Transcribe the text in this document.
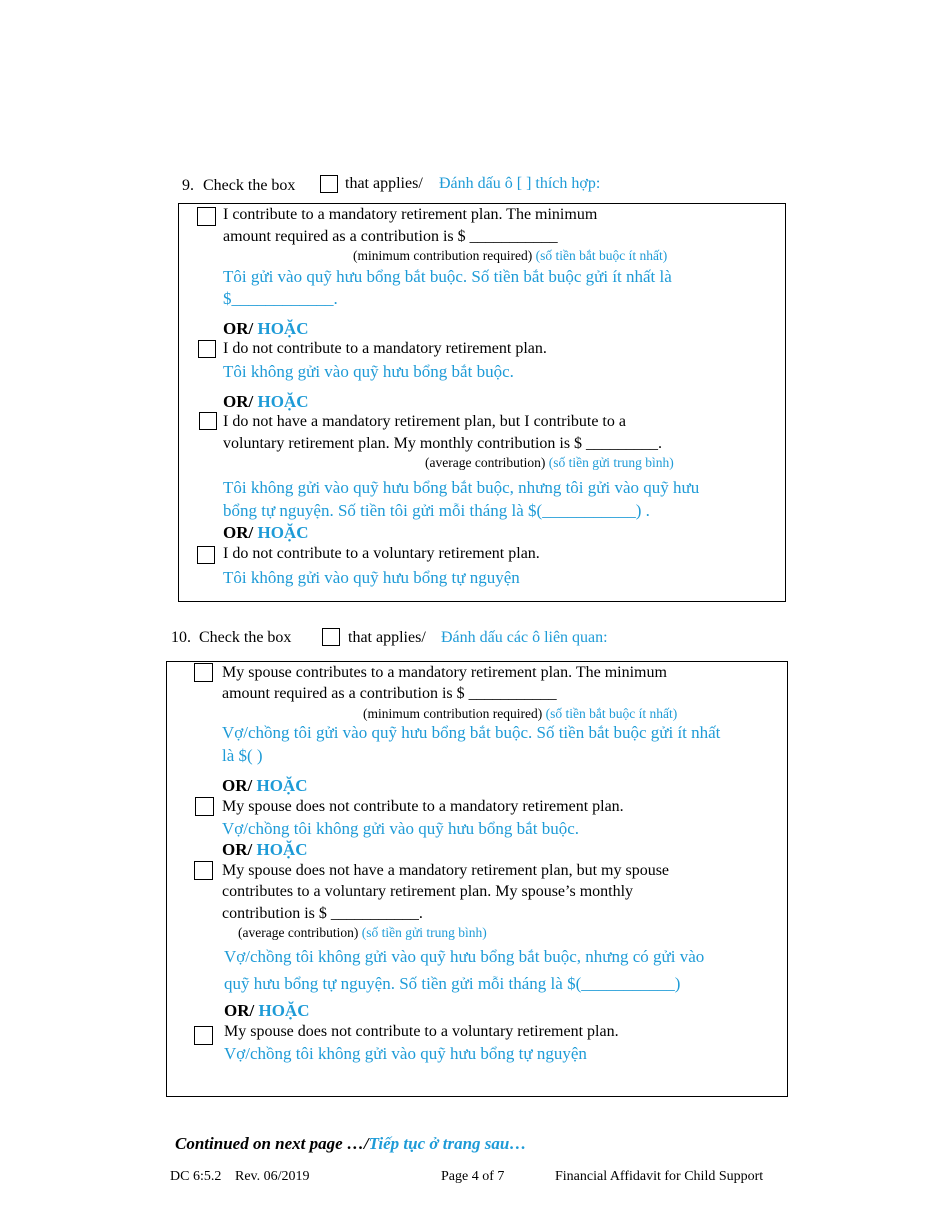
9. Check the box	that applies/ Đánh dấu ô [ ] thích hợp:
I contribute to a mandatory retirement plan. The minimum
amount required as a contribution is $ ___________
(minimum contribution required) (số tiền bắt buộc ít nhất)
Tôi gửi vào quỹ hưu bổng bắt buộc. Số tiền bắt buộc gửi ít nhất là
$____________.
OR/ HOẶC
I do not contribute to a mandatory retirement plan.
Tôi không gửi vào quỹ hưu bổng bắt buộc.
OR/ HOẶC
I do not have a mandatory retirement plan, but I contribute to a
voluntary retirement plan. My monthly contribution is $ _________.
(average contribution) (số tiền gửi trung bình)
Tôi không gửi vào quỹ hưu bổng bắt buộc, nhưng tôi gửi vào quỹ hưu
bổng tự nguyện. Số tiền tôi gửi mỗi tháng là $(___________) .
OR/ HOẶC
I do not contribute to a voluntary retirement plan.
Tôi không gửi vào quỹ hưu bổng tự nguyện
10. Check the box	that applies/ Đánh dấu các ô liên quan:
My spouse contributes to a mandatory retirement plan. The minimum
amount required as a contribution is $ ___________
(minimum contribution required) (số tiền bắt buộc ít nhất)
Vợ/chồng tôi gửi vào quỹ hưu bổng bắt buộc. Số tiền bắt buộc gửi ít nhất
là $( )
OR/ HOẶC
My spouse does not contribute to a mandatory retirement plan.
Vợ/chồng tôi không gửi vào quỹ hưu bổng bắt buộc.
OR/ HOẶC
My spouse does not have a mandatory retirement plan, but my spouse
contributes to a voluntary retirement plan. My spouse’s monthly
contribution is $ ___________.
(average contribution) (số tiền gửi trung bình)
Vợ/chồng tôi không gửi vào quỹ hưu bổng bắt buộc, nhưng có gửi vào
quỹ hưu bổng tự nguyện. Số tiền gửi mỗi tháng là $(___________)
OR/ HOẶC
My spouse does not contribute to a voluntary retirement plan.
Vợ/chồng tôi không gửi vào quỹ hưu bổng tự nguyện
Continued on next page …/Tiếp tục ở trang sau…
DC 6:5.2 Rev. 06/2019	Page 4 of 7	Financial Affidavit for Child Support
